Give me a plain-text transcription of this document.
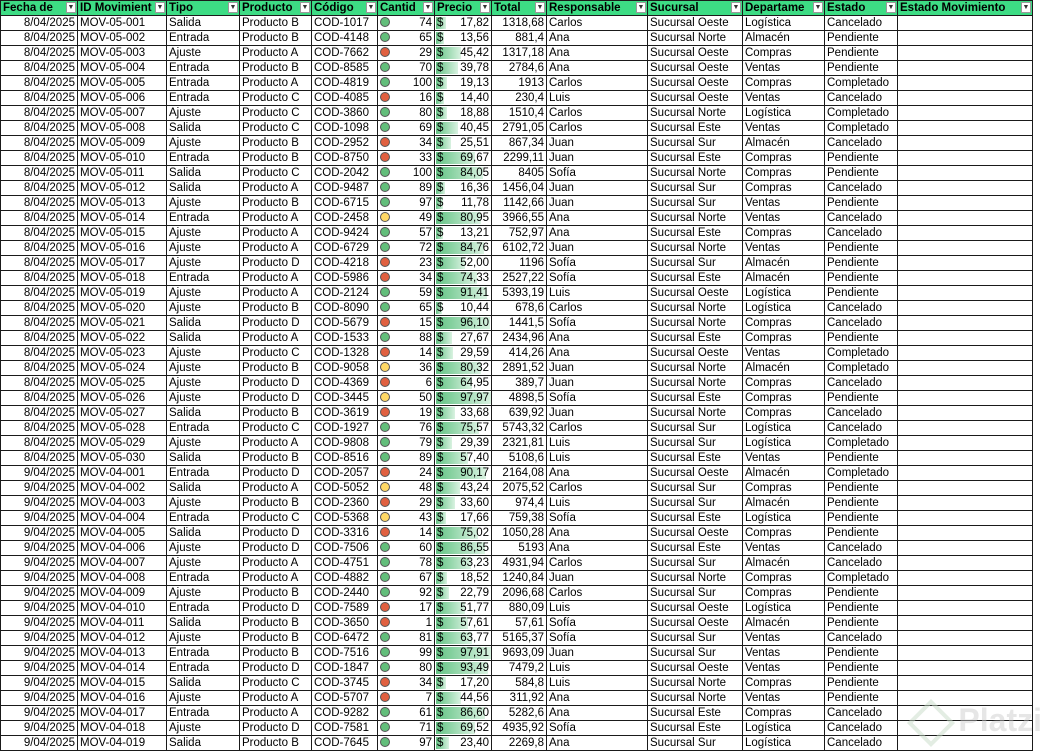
Fecha de ▼	ID Movimient ▼	Tipo ▼	Producto ▼	Código ▼	Cantid ▼	Precio ▼	Total ▼	Responsable ▼	Sucursal ▼	Departame ▼	Estado ▼	Estado Movimiento ▼

8/04/2025	MOV-05-001	Salida	Producto B	COD-1017	74	$ 17,82	1318,68	Carlos	Sucursal Oeste	Logística	Cancelado	
8/04/2025	MOV-05-002	Entrada	Producto B	COD-4148	65	$ 13,56	881,4	Ana	Sucursal Norte	Almacén	Pendiente	
8/04/2025	MOV-05-003	Ajuste	Producto A	COD-7662	29	$ 45,42	1317,18	Ana	Sucursal Oeste	Compras	Pendiente	
8/04/2025	MOV-05-004	Entrada	Producto B	COD-8585	70	$ 39,78	2784,6	Ana	Sucursal Oeste	Ventas	Pendiente	
8/04/2025	MOV-05-005	Entrada	Producto A	COD-4819	100	$ 19,13	1913	Carlos	Sucursal Oeste	Compras	Completado	
8/04/2025	MOV-05-006	Entrada	Producto C	COD-4085	16	$ 14,40	230,4	Luis	Sucursal Oeste	Ventas	Cancelado	
8/04/2025	MOV-05-007	Ajuste	Producto C	COD-3860	80	$ 18,88	1510,4	Carlos	Sucursal Norte	Logística	Completado	
8/04/2025	MOV-05-008	Salida	Producto C	COD-1098	69	$ 40,45	2791,05	Carlos	Sucursal Este	Ventas	Completado	
8/04/2025	MOV-05-009	Ajuste	Producto B	COD-2952	34	$ 25,51	867,34	Juan	Sucursal Sur	Almacén	Cancelado	
8/04/2025	MOV-05-010	Entrada	Producto B	COD-8750	33	$ 69,67	2299,11	Juan	Sucursal Este	Compras	Pendiente	
8/04/2025	MOV-05-011	Salida	Producto C	COD-2042	100	$ 84,05	8405	Sofía	Sucursal Norte	Compras	Pendiente	
8/04/2025	MOV-05-012	Salida	Producto A	COD-9487	89	$ 16,36	1456,04	Juan	Sucursal Sur	Compras	Cancelado	
8/04/2025	MOV-05-013	Ajuste	Producto B	COD-6715	97	$ 11,78	1142,66	Juan	Sucursal Sur	Ventas	Pendiente	
8/04/2025	MOV-05-014	Entrada	Producto A	COD-2458	49	$ 80,95	3966,55	Ana	Sucursal Norte	Ventas	Cancelado	
8/04/2025	MOV-05-015	Ajuste	Producto A	COD-9424	57	$ 13,21	752,97	Ana	Sucursal Este	Compras	Cancelado	
8/04/2025	MOV-05-016	Ajuste	Producto A	COD-6729	72	$ 84,76	6102,72	Juan	Sucursal Norte	Ventas	Pendiente	
8/04/2025	MOV-05-017	Ajuste	Producto D	COD-4218	23	$ 52,00	1196	Sofía	Sucursal Sur	Almacén	Pendiente	
8/04/2025	MOV-05-018	Entrada	Producto A	COD-5986	34	$ 74,33	2527,22	Sofía	Sucursal Este	Almacén	Pendiente	
8/04/2025	MOV-05-019	Ajuste	Producto A	COD-2124	59	$ 91,41	5393,19	Luis	Sucursal Oeste	Logística	Pendiente	
8/04/2025	MOV-05-020	Ajuste	Producto B	COD-8090	65	$ 10,44	678,6	Carlos	Sucursal Norte	Logística	Cancelado	
8/04/2025	MOV-05-021	Salida	Producto D	COD-5679	15	$ 96,10	1441,5	Sofía	Sucursal Norte	Compras	Cancelado	
8/04/2025	MOV-05-022	Salida	Producto A	COD-1533	88	$ 27,67	2434,96	Ana	Sucursal Este	Compras	Pendiente	
8/04/2025	MOV-05-023	Ajuste	Producto C	COD-1328	14	$ 29,59	414,26	Ana	Sucursal Oeste	Ventas	Completado	
8/04/2025	MOV-05-024	Ajuste	Producto B	COD-9058	36	$ 80,32	2891,52	Juan	Sucursal Norte	Almacén	Completado	
8/04/2025	MOV-05-025	Ajuste	Producto D	COD-4369	6	$ 64,95	389,7	Juan	Sucursal Norte	Compras	Cancelado	
8/04/2025	MOV-05-026	Ajuste	Producto D	COD-3445	50	$ 97,97	4898,5	Sofía	Sucursal Este	Compras	Pendiente	
8/04/2025	MOV-05-027	Salida	Producto B	COD-3619	19	$ 33,68	639,92	Juan	Sucursal Norte	Compras	Cancelado	
8/04/2025	MOV-05-028	Entrada	Producto C	COD-1927	76	$ 75,57	5743,32	Carlos	Sucursal Sur	Logística	Cancelado	
8/04/2025	MOV-05-029	Ajuste	Producto A	COD-9808	79	$ 29,39	2321,81	Luis	Sucursal Sur	Logística	Completado	
8/04/2025	MOV-05-030	Salida	Producto B	COD-8516	89	$ 57,40	5108,6	Luis	Sucursal Este	Ventas	Pendiente	
9/04/2025	MOV-04-001	Entrada	Producto D	COD-2057	24	$ 90,17	2164,08	Ana	Sucursal Oeste	Almacén	Completado	
9/04/2025	MOV-04-002	Salida	Producto A	COD-5052	48	$ 43,24	2075,52	Carlos	Sucursal Sur	Compras	Pendiente	
9/04/2025	MOV-04-003	Ajuste	Producto B	COD-2360	29	$ 33,60	974,4	Luis	Sucursal Sur	Almacén	Pendiente	
9/04/2025	MOV-04-004	Entrada	Producto C	COD-5368	43	$ 17,66	759,38	Sofía	Sucursal Este	Logística	Pendiente	
9/04/2025	MOV-04-005	Salida	Producto D	COD-3316	14	$ 75,02	1050,28	Ana	Sucursal Oeste	Compras	Pendiente	
9/04/2025	MOV-04-006	Ajuste	Producto D	COD-7506	60	$ 86,55	5193	Ana	Sucursal Este	Ventas	Cancelado	
9/04/2025	MOV-04-007	Ajuste	Producto A	COD-4751	78	$ 63,23	4931,94	Carlos	Sucursal Sur	Almacén	Cancelado	
9/04/2025	MOV-04-008	Entrada	Producto A	COD-4882	67	$ 18,52	1240,84	Juan	Sucursal Norte	Compras	Completado	
9/04/2025	MOV-04-009	Ajuste	Producto B	COD-2440	92	$ 22,79	2096,68	Carlos	Sucursal Sur	Compras	Pendiente	
9/04/2025	MOV-04-010	Entrada	Producto D	COD-7589	17	$ 51,77	880,09	Luis	Sucursal Oeste	Logística	Pendiente	
9/04/2025	MOV-04-011	Salida	Producto B	COD-3650	1	$ 57,61	57,61	Sofía	Sucursal Oeste	Almacén	Pendiente	
9/04/2025	MOV-04-012	Ajuste	Producto B	COD-6472	81	$ 63,77	5165,37	Sofía	Sucursal Sur	Ventas	Cancelado	
9/04/2025	MOV-04-013	Entrada	Producto B	COD-7516	99	$ 97,91	9693,09	Juan	Sucursal Sur	Ventas	Pendiente	
9/04/2025	MOV-04-014	Entrada	Producto D	COD-1847	80	$ 93,49	7479,2	Luis	Sucursal Oeste	Ventas	Pendiente	
9/04/2025	MOV-04-015	Salida	Producto C	COD-3745	34	$ 17,20	584,8	Luis	Sucursal Norte	Compras	Pendiente	
9/04/2025	MOV-04-016	Ajuste	Producto A	COD-5707	7	$ 44,56	311,92	Ana	Sucursal Norte	Ventas	Pendiente	
9/04/2025	MOV-04-017	Entrada	Producto A	COD-9282	61	$ 86,60	5282,6	Ana	Sucursal Este	Compras	Cancelado	
9/04/2025	MOV-04-018	Ajuste	Producto D	COD-7581	71	$ 69,52	4935,92	Sofía	Sucursal Este	Logística	Cancelado	
9/04/2025	MOV-04-019	Salida	Producto B	COD-7645	97	$ 23,40	2269,8	Ana	Sucursal Sur	Logística	Cancelado	
Platzi
